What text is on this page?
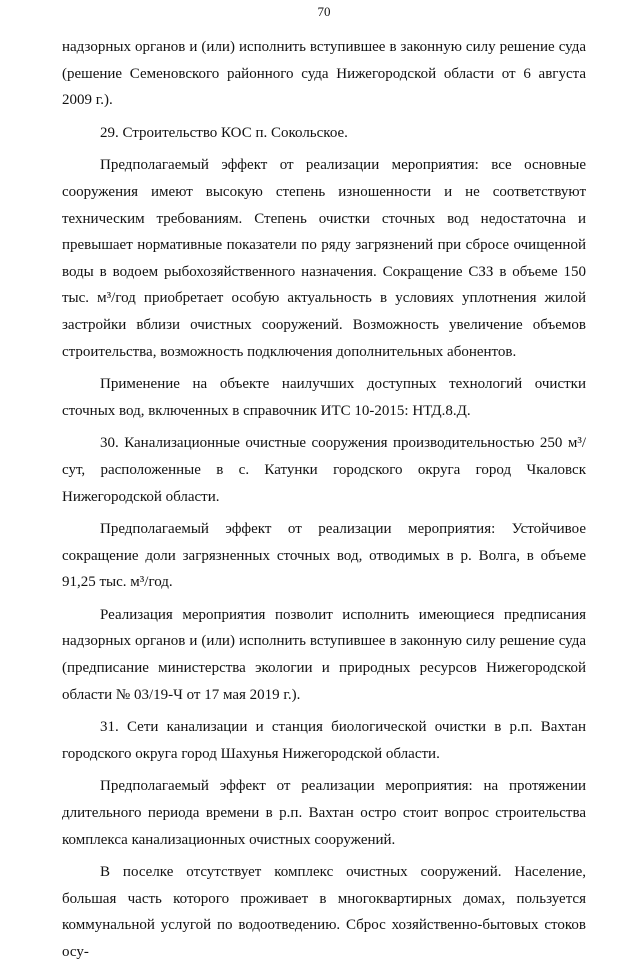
70

надзорных органов и (или) исполнить вступившее в законную силу решение суда (решение Семеновского районного суда Нижегородской области от 6 августа 2009 г.).

29. Строительство КОС п. Сокольское.

Предполагаемый эффект от реализации мероприятия: все основные сооружения имеют высокую степень изношенности и не соответствуют техническим требованиям. Степень очистки сточных вод недостаточна и превышает нормативные показатели по ряду загрязнений при сбросе очищенной воды в водоем рыбохозяйственного назначения. Сокращение СЗЗ в объеме 150 тыс. м³/год приобретает особую актуальность в условиях уплотнения жилой застройки вблизи очистных сооружений. Возможность увеличение объемов строительства, возможность подключения дополнительных абонентов.

Применение на объекте наилучших доступных технологий очистки сточных вод, включенных в справочник ИТС 10-2015: НТД.8.Д.

30. Канализационные очистные сооружения производительностью 250 м³/сут, расположенные в с. Катунки городского округа город Чкаловск Нижегородской области.

Предполагаемый эффект от реализации мероприятия: Устойчивое сокращение доли загрязненных сточных вод, отводимых в р. Волга, в объеме 91,25 тыс. м³/год.

Реализация мероприятия позволит исполнить имеющиеся предписания надзорных органов и (или) исполнить вступившее в законную силу решение суда (предписание министерства экологии и природных ресурсов Нижегородской области № 03/19-Ч от 17 мая 2019 г.).

31. Сети канализации и станция биологической очистки в р.п. Вахтан городского округа город Шахунья Нижегородской области.

Предполагаемый эффект от реализации мероприятия: на протяжении длительного периода времени в р.п. Вахтан остро стоит вопрос строительства комплекса канализационных очистных сооружений.

В поселке отсутствует комплекс очистных сооружений. Население, большая часть которого проживает в многоквартирных домах, пользуется коммунальной услугой по водоотведению. Сброс хозяйственно-бытовых стоков осу-
